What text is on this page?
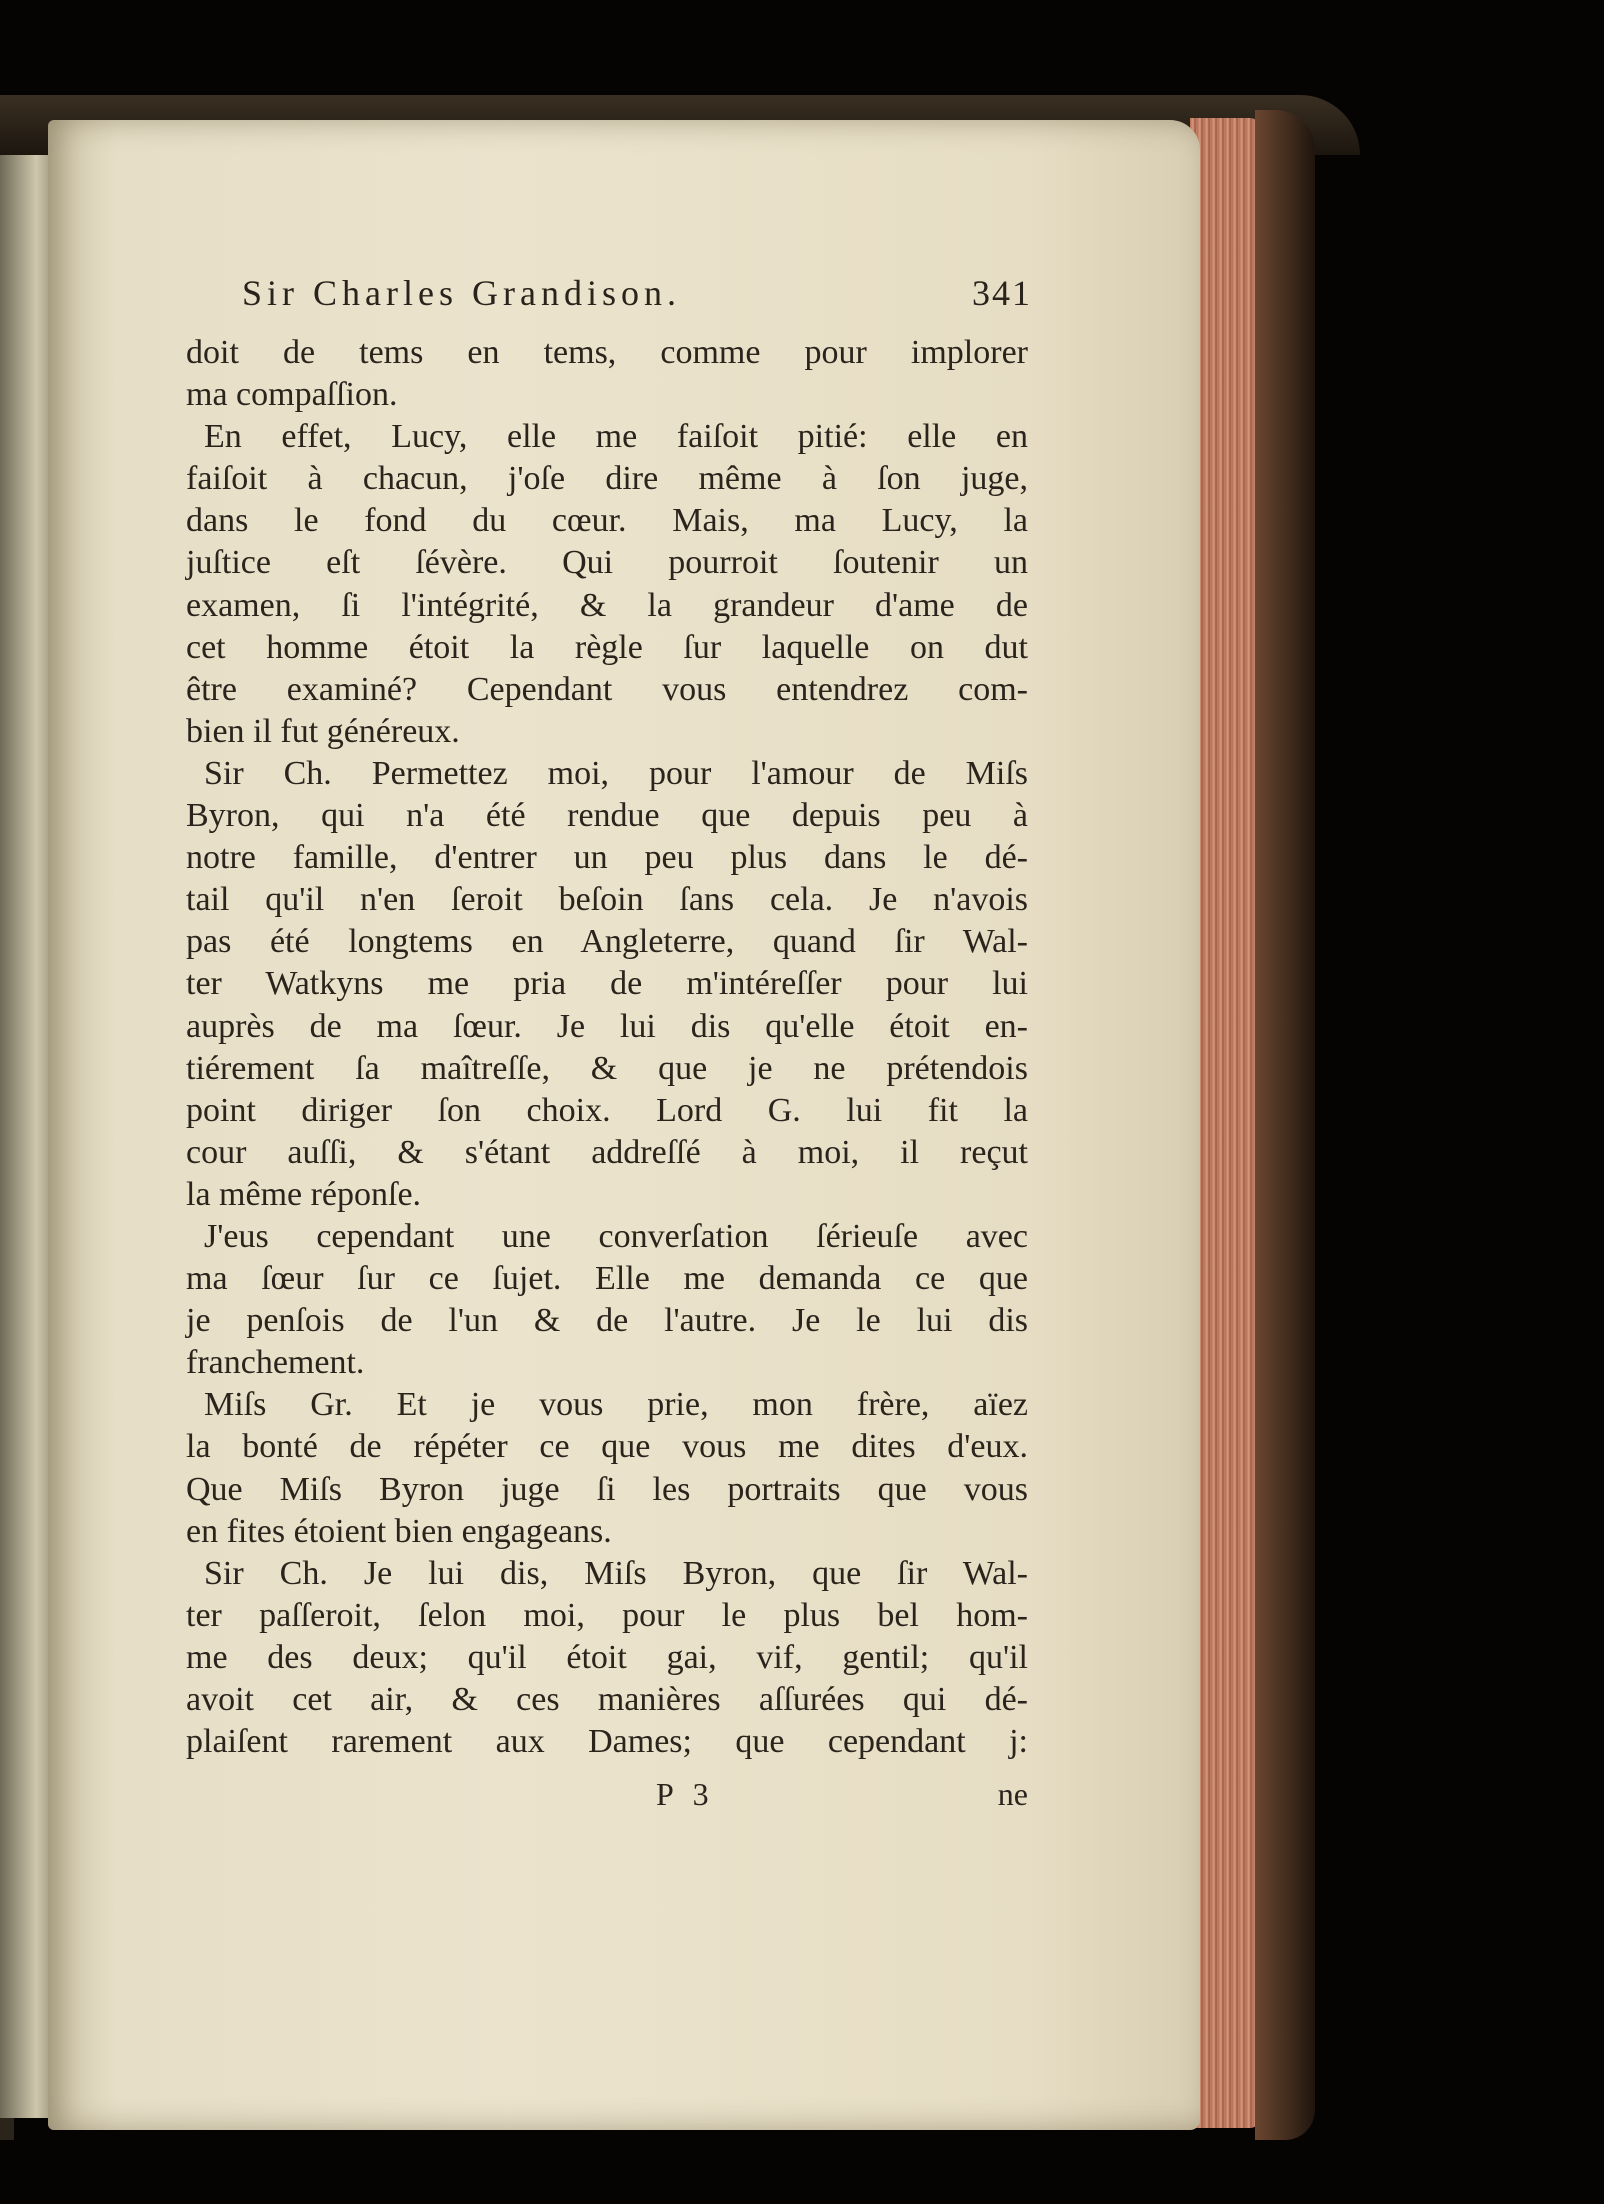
Sir Charles Grandison.	341
doit de tems en tems, comme pour implorer
ma compaſſion.
En effet, Lucy, elle me faiſoit pitié: elle en
faiſoit à chacun, j'oſe dire même à ſon juge,
dans le fond du cœur. Mais, ma Lucy, la
juſtice eſt ſévère. Qui pourroit ſoutenir un
examen, ſi l'intégrité, & la grandeur d'ame de
cet homme étoit la règle ſur laquelle on dut
être examiné? Cependant vous entendrez com-
bien il fut généreux.
Sir Ch. Permettez moi, pour l'amour de Miſs
Byron, qui n'a été rendue que depuis peu à
notre famille, d'entrer un peu plus dans le dé-
tail qu'il n'en ſeroit beſoin ſans cela. Je n'avois
pas été longtems en Angleterre, quand ſir Wal-
ter Watkyns me pria de m'intéreſſer pour lui
auprès de ma ſœur. Je lui dis qu'elle étoit en-
tiérement ſa maîtreſſe, & que je ne prétendois
point diriger ſon choix. Lord G. lui fit la
cour auſſi, & s'étant addreſſé à moi, il reçut
la même réponſe.
J'eus cependant une converſation ſérieuſe avec
ma ſœur ſur ce ſujet. Elle me demanda ce que
je penſois de l'un & de l'autre. Je le lui dis
franchement.
Miſs Gr. Et je vous prie, mon frère, aïez
la bonté de répéter ce que vous me dites d'eux.
Que Miſs Byron juge ſi les portraits que vous
en fites étoient bien engageans.
Sir Ch. Je lui dis, Miſs Byron, que ſir Wal-
ter paſſeroit, ſelon moi, pour le plus bel hom-
me des deux; qu'il étoit gai, vif, gentil; qu'il
avoit cet air, & ces manières aſſurées qui dé-
plaiſent rarement aux Dames; que cependant j:
P 3	ne
